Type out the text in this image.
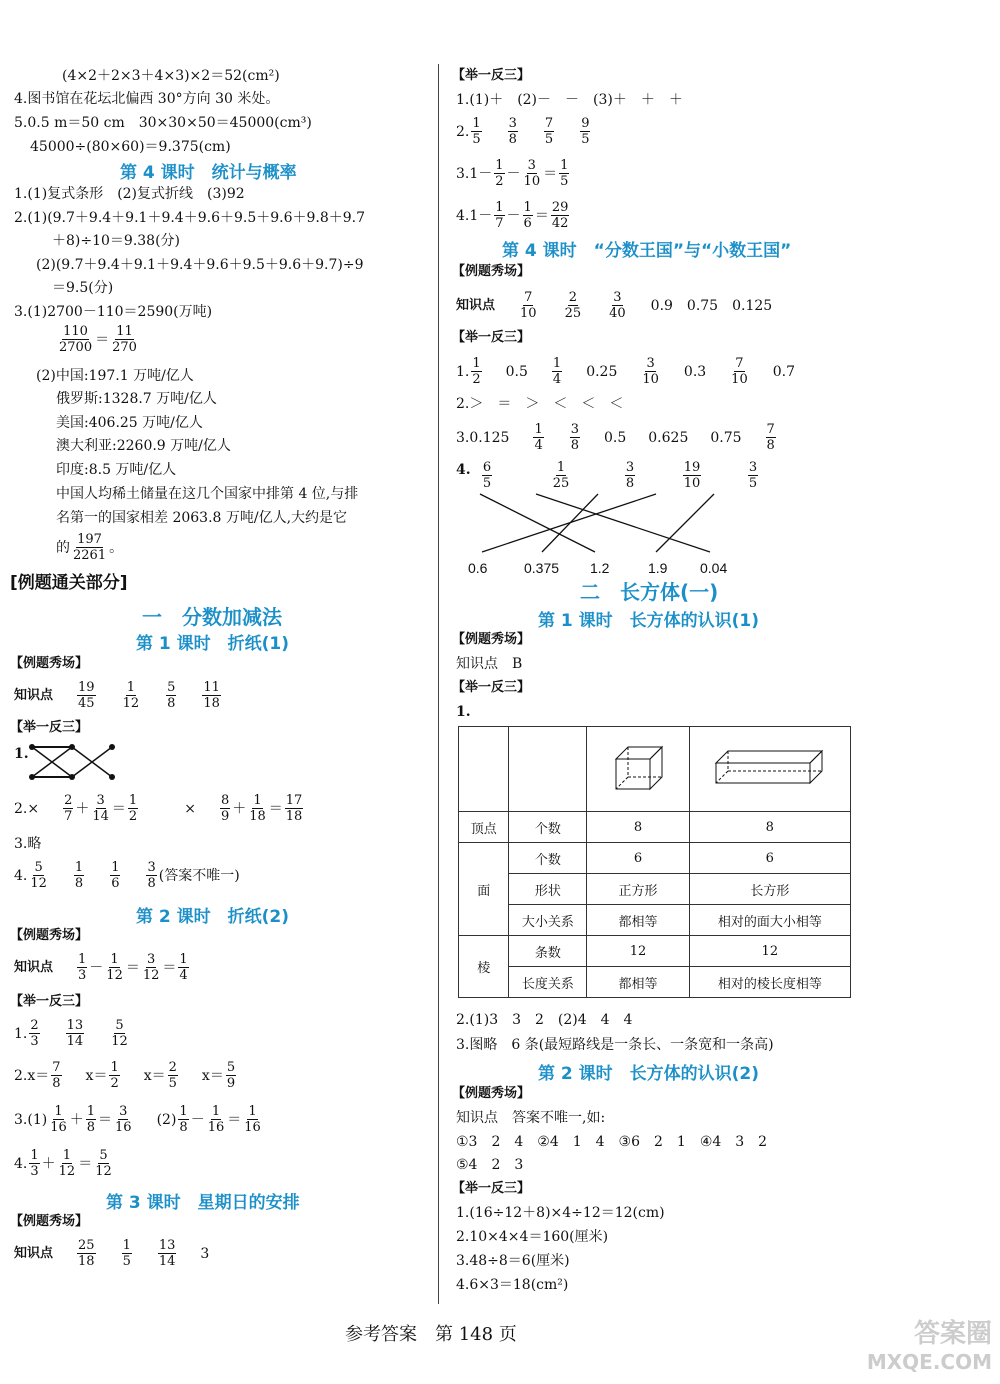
(4×2＋2×3＋4×3)×2＝52(cm²)
4.图书馆在花坛北偏西 30°方向 30 米处。
5.0.5 m＝50 cm　30×30×50＝45000(cm³)
45000÷(80×60)＝9.375(cm)
第 4 课时　统计与概率
1.(1)复式条形　(2)复式折线　(3)92
2.(1)(9.7＋9.4＋9.1＋9.4＋9.6＋9.5＋9.6＋9.8＋9.7
＋8)÷10＝9.38(分)
(2)(9.7＋9.4＋9.1＋9.4＋9.6＋9.5＋9.6＋9.7)÷9
＝9.5(分)
3.(1)2700－110＝2590(万吨)
110
2700 ＝ 11
270
(2)中国:197.1 万吨/亿人
俄罗斯:1328.7 万吨/亿人
美国:406.25 万吨/亿人
澳大利亚:2260.9 万吨/亿人
印度:8.5 万吨/亿人
中国人均稀土储量在这几个国家中排第 4 位,与排
名第一的国家相差 2063.8 万吨/亿人,大约是它
的 197
2261 。
[例题通关部分]
一　分数加减法
第 1 课时　折纸(1)
【例题秀场】
知识点 19
45
1
12
5
8
11
18
【举一反三】
1.
2.× 2
7 ＋ 3
14 ＝ 1
2	× 8
9 ＋ 1
18 ＝ 17
18
3.略
4. 5
12
1
8
1
6
3
8 (答案不唯一)
第 2 课时　折纸(2)
【例题秀场】
知识点 1
3 － 1
12 ＝ 3
12 ＝ 1
4
【举一反三】
1. 2
3
13
14
5
12
2. x＝ 7
8 x＝ 1
2 x＝ 2
5 x＝ 5
9
3.(1) 1
16 ＋ 1
8 ＝ 3
16 (2) 1
8 － 1
16 ＝ 1
16
4. 1
3 ＋ 1
12 ＝ 5
12
第 3 课时　星期日的安排
【例题秀场】
知识点 25
18
1
5
13
14 3
【举一反三】
1.(1)＋　(2)－　－　(3)＋　＋　＋
2. 1
5
3
8
7
5
9
5
3.1－ 1
2 － 3
10 ＝ 1
5
4.1－ 1
7 － 1
6 ＝ 29
42
第 4 课时　“分数王国”与“小数王国”
【例题秀场】
知识点 7
10
2
25
3
40 0.9　0.75　0.125
【举一反三】
1. 1
2 0.5 1
4 0.25 3
10 0.3 7
10 0.7
2.＞　＝　＞　＜　＜　＜
3.0.125 1
4
3
8 0.5 0.625 0.75 7
8
4. 6
5
1
25
3
8
19
10
3
5
0.6	0.375 1.2	1.9 0.04
二　长方体(一)
第 1 课时　长方体的认识(1)
【例题秀场】
知识点　B
【举一反三】
1.

顶点	个数	8	8
面	个数	6	6
	形状	正方形	长方形
	大小关系	都相等	相对的面大小相等
棱	条数	12	12
	长度关系	都相等	相对的棱长度相等
2.(1)3　3　2　(2)4　4　4
3.图略　6 条(最短路线是一条长、一条宽和一条高)
第 2 课时　长方体的认识(2)
【例题秀场】
知识点　答案不唯一,如:
①3　2　4　②4　1　4　③6　2　1　④4　3　2
⑤4　2　3
【举一反三】
1.(16÷12＋8)×4÷12＝12(cm)
2.10×4×4＝160(厘米)
3.48÷8＝6(厘米)
4.6×3＝18(cm²)
参考答案　第 148 页	答案圈
MXQE.COM
